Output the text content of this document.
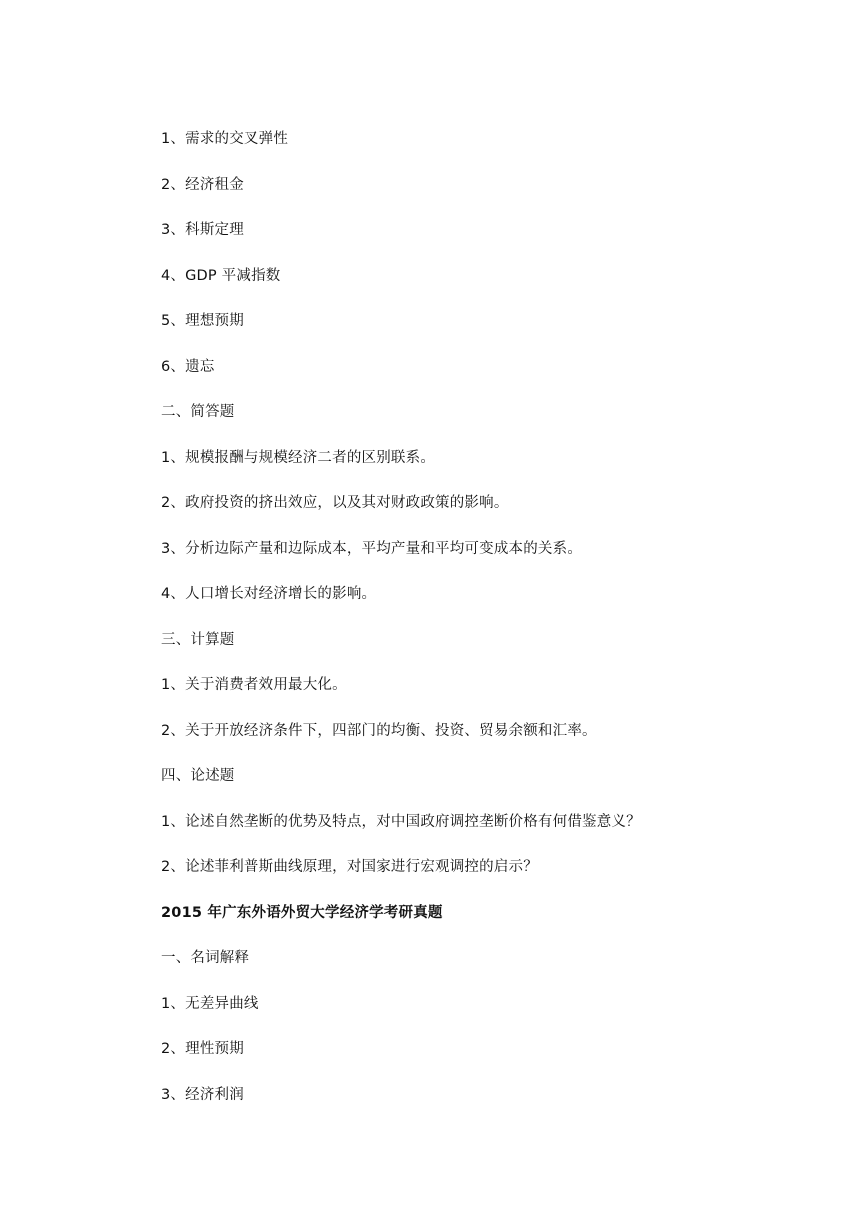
1、需求的交叉弹性
2、经济租金
3、科斯定理
4、GDP 平减指数
5、理想预期
6、遗忘
二、简答题
1、规模报酬与规模经济二者的区别联系。
2、政府投资的挤出效应，以及其对财政政策的影响。
3、分析边际产量和边际成本，平均产量和平均可变成本的关系。
4、人口增长对经济增长的影响。
三、计算题
1、关于消费者效用最大化。
2、关于开放经济条件下，四部门的均衡、投资、贸易余额和汇率。
四、论述题
1、论述自然垄断的优势及特点，对中国政府调控垄断价格有何借鉴意义？
2、论述菲利普斯曲线原理，对国家进行宏观调控的启示？
2015 年广东外语外贸大学经济学考研真题
一、名词解释
1、无差异曲线
2、理性预期
3、经济利润
